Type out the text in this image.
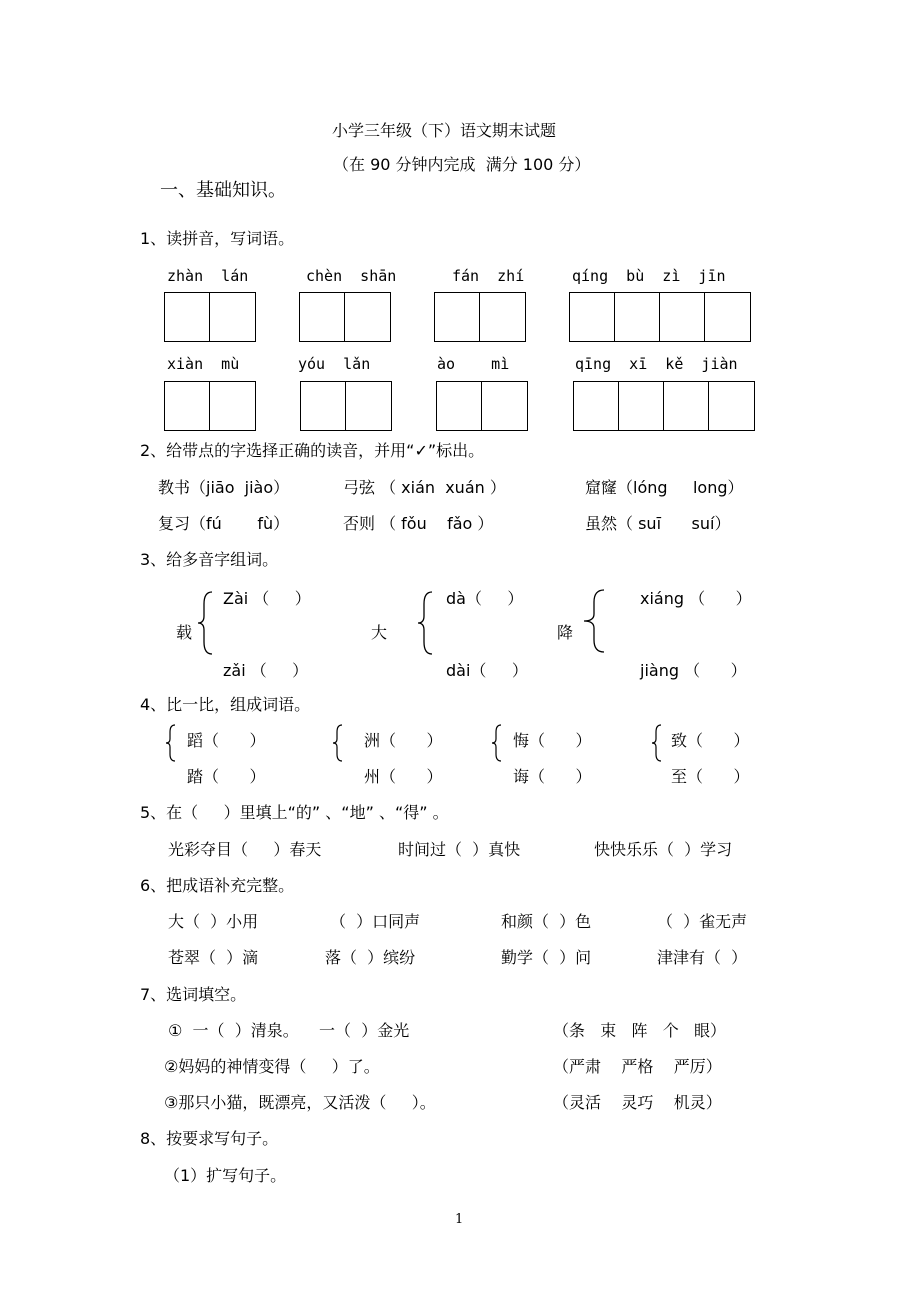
小学三年级（下）语文期末试题
（在 90 分钟内完成  满分 100 分）
一、基础知识。
1、读拼音，写词语。
zhàn  lán	chèn  shān	fán  zhí	qíng  bù  zì  jīn
xiàn  mù	yóu  lǎn	ào    mì	qīng  xī  kě  jiàn
2、给带点的字选择正确的读音，并用“✓”标出。
教书（jiāo  jiào）	弓弦 （ xián  xuán ）	窟窿（lóng     long）
复习（fú       fù）	否则 （ fǒu    fǎo ）	虽然（ suī      suí）
3、给多音字组词。
Zài （     ）
载
zǎi （     ）
dà（     ）
大
dài（     ）
xiáng （      ）
降
jiàng （      ）
4、比一比，组成词语。
蹈（      ）
踏（      ）
洲（      ）
州（      ）
悔（      ）
诲（      ）
致（      ）
至（      ）
5、在（     ）里填上“的” 、“地” 、“得” 。
光彩夺目（     ）春天	时间过（  ）真快	快快乐乐（  ）学习
6、把成语补充完整。
大（  ）小用	（  ）口同声	和颜（  ）色	（  ）雀无声
苍翠（  ）滴	落（  ）缤纷	勤学（  ）问	津津有（  ）
7、选词填空。
①  一（  ）清泉。    一（  ）金光	（条   束   阵   个   眼）
②妈妈的神情变得（     ）了。	（严肃    严格    严厉）
③那只小猫，既漂亮，又活泼（     ）。	（灵活    灵巧    机灵）
8、按要求写句子。
（1）扩写句子。
1
